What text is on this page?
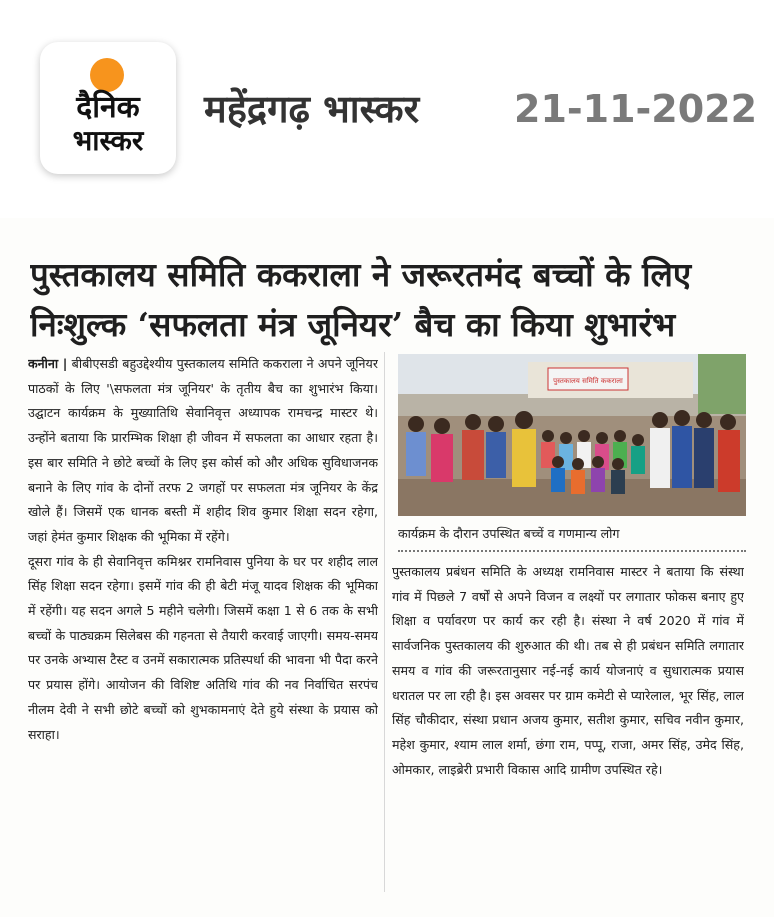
दैनिक
भास्कर
महेंद्रगढ़ भास्कर 21-11-2022
पुस्तकालय समिति ककराला ने जरूरतमंद बच्चों के लिए
निःशुल्क ‘सफलता मंत्र जूनियर’ बैच का किया शुभारंभ

कनीना | बीबीएसडी बहुउद्देश्यीय पुस्तकालय समिति ककराला ने अपने जूनियर पाठकों के लिए '\सफलता मंत्र जूनियर' के तृतीय बैच का शुभारंभ किया। उद्घाटन कार्यक्रम के मुख्यातिथि सेवानिवृत्त अध्यापक रामचन्द्र मास्टर थे। उन्होंने बताया कि प्रारम्भिक शिक्षा ही जीवन में सफलता का आधार रहता है। इस बार समिति ने छोटे बच्चों के लिए इस कोर्स को और अधिक सुविधाजनक बनाने के लिए गांव के दोनों तरफ 2 जगहों पर सफलता मंत्र जूनियर के केंद्र खोले हैं। जिसमें एक धानक बस्ती में शहीद शिव कुमार शिक्षा सदन रहेगा, जहां हेमंत कुमार शिक्षक की भूमिका में रहेंगे।

दूसरा गांव के ही सेवानिवृत्त कमिश्नर रामनिवास पुनिया के घर पर शहीद लाल सिंह शिक्षा सदन रहेगा। इसमें गांव की ही बेटी मंजू यादव शिक्षक की भूमिका में रहेंगी। यह सदन अगले 5 महीने चलेगी। जिसमें कक्षा 1 से 6 तक के सभी बच्चों के पाठ्यक्रम सिलेबस की गहनता से तैयारी करवाई जाएगी। समय-समय पर उनके अभ्यास टैस्ट व उनमें सकारात्मक प्रतिस्पर्धा की भावना भी पैदा करने पर प्रयास होंगे। आयोजन की विशिष्ट अतिथि गांव की नव निर्वाचित सरपंच नीलम देवी ने सभी छोटे बच्चों को शुभकामनाएं देते हुये संस्था के प्रयास को सराहा।

पुस्तकालय समिति ककराला
कार्यक्रम के दौरान उपस्थित बच्चें व गणमान्य लोग

पुस्तकालय प्रबंधन समिति के अध्यक्ष रामनिवास मास्टर ने बताया कि संस्था गांव में पिछले 7 वर्षों से अपने विजन व लक्ष्यों पर लगातार फोकस बनाए हुए शिक्षा व पर्यावरण पर कार्य कर रही है। संस्था ने वर्ष 2020 में गांव में सार्वजनिक पुस्तकालय की शुरुआत की थी। तब से ही प्रबंधन समिति लगातार समय व गांव की जरूरतानुसार नई-नई कार्य योजनाएं व सुधारात्मक प्रयास धरातल पर ला रही है। इस अवसर पर ग्राम कमेटी से प्यारेलाल, भूर सिंह, लाल सिंह चौकीदार, संस्था प्रधान अजय कुमार, सतीश कुमार, सचिव नवीन कुमार, महेश कुमार, श्याम लाल शर्मा, छंगा राम, पप्पू, राजा, अमर सिंह, उमेद सिंह, ओमकार, लाइब्रेरी प्रभारी विकास आदि ग्रामीण उपस्थित रहे।
